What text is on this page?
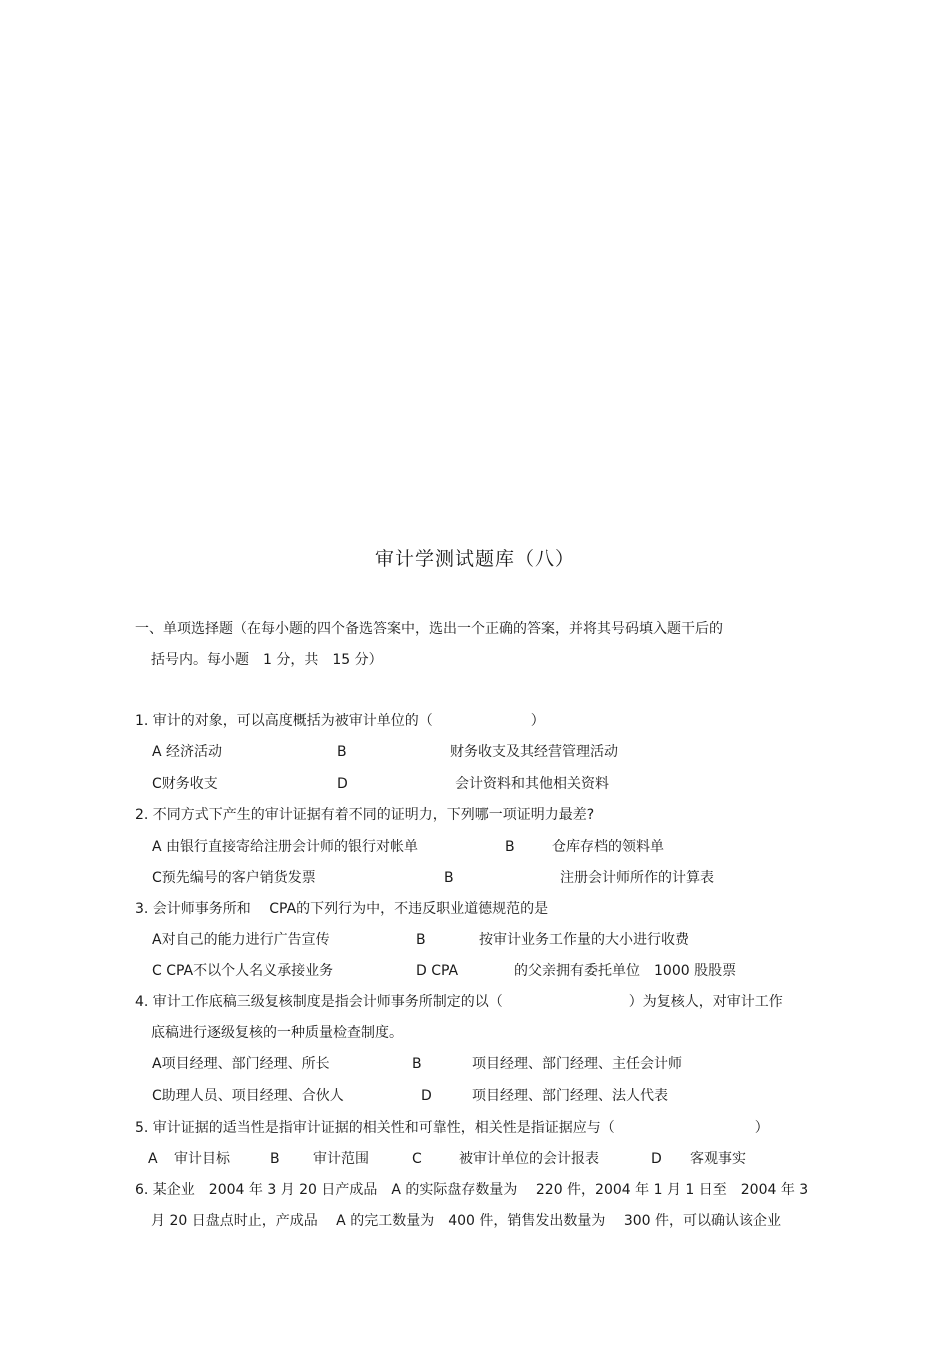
审计学测试题库（八）
一、单项选择题（在每小题的四个备选答案中，选出一个正确的答案，并将其号码填入题干后的
括号内。每小题　1 分，共　15 分）
1. 审计的对象，可以高度概括为被审计单位的（　　　　　　　）
A 经济活动	B	财务收支及其经营管理活动
C财务收支	D	会计资料和其他相关资料
2. 不同方式下产生的审计证据有着不同的证明力，下列哪一项证明力最差?
A 由银行直接寄给注册会计师的银行对帐单	B	仓库存档的领料单
C预先编号的客户销货发票	B	注册会计师所作的计算表
3. 会计师事务所和　 CPA的下列行为中，不违反职业道德规范的是
A对自己的能力进行广告宣传	B	按审计业务工作量的大小进行收费
C CPA不以个人名义承接业务	D CPA	的父亲拥有委托单位　1000 股股票
4. 审计工作底稿三级复核制度是指会计师事务所制定的以（　　　　　　　　　）为复核人，对审计工作
底稿进行逐级复核的一种质量检查制度。
A项目经理、部门经理、所长	B	项目经理、部门经理、主任会计师
C助理人员、项目经理、合伙人	D	项目经理、部门经理、法人代表
5. 审计证据的适当性是指审计证据的相关性和可靠性，相关性是指证据应与（　　　　　　　　　　）
A 审计目标	B 审计范围	C	被审计单位的会计报表	D 客观事实
6. 某企业　2004 年 3 月 20 日产成品　A 的实际盘存数量为　 220 件，2004 年 1 月 1 日至　2004 年 3
月 20 日盘点时止，产成品　 A 的完工数量为　400 件，销售发出数量为　 300 件，可以确认该企业
